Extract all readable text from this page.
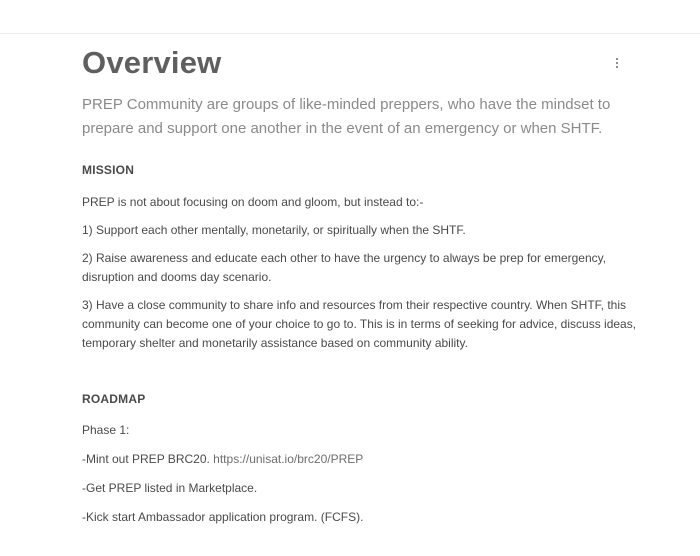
Overview

PREP Community are groups of like-minded preppers, who have the mindset to prepare and support one another in the event of an emergency or when SHTF.

MISSION

PREP is not about focusing on doom and gloom, but instead to:-

1) Support each other mentally, monetarily, or spiritually when the SHTF.

2) Raise awareness and educate each other to have the urgency to always be prep for emergency, disruption and dooms day scenario.

3) Have a close community to share info and resources from their respective country. When SHTF, this community can become one of your choice to go to. This is in terms of seeking for advice, discuss ideas, temporary shelter and monetarily assistance based on community ability.

ROADMAP

Phase 1:

-Mint out PREP BRC20. https://unisat.io/brc20/PREP

-Get PREP listed in Marketplace.

-Kick start Ambassador application program. (FCFS).
